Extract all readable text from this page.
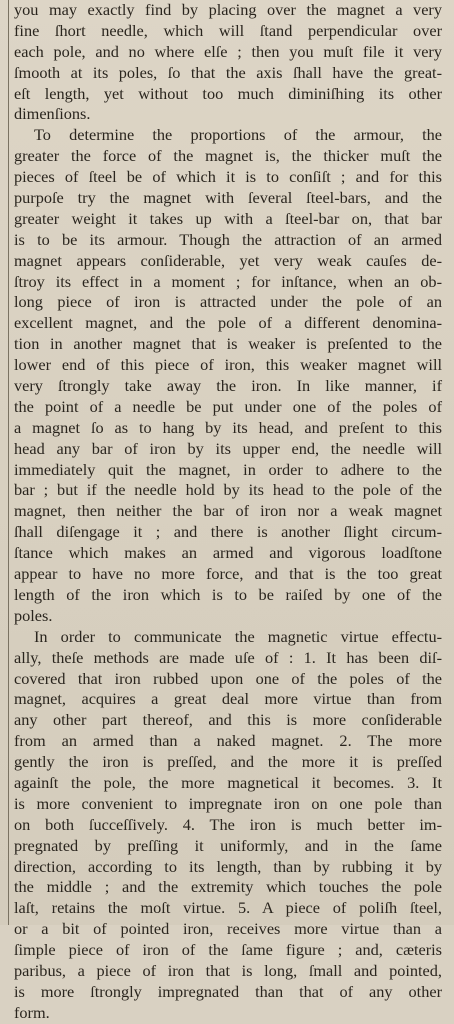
you may exactly find by placing over the magnet a very
fine ſhort needle, which will ſtand perpendicular over
each pole, and no where elſe ; then you muſt file it very
ſmooth at its poles, ſo that the axis ſhall have the great-
eſt length, yet without too much diminiſhing its other
dimenſions.
To determine the proportions of the armour, the
greater the force of the magnet is, the thicker muſt the
pieces of ſteel be of which it is to conſiſt ; and for this
purpoſe try the magnet with ſeveral ſteel-bars, and the
greater weight it takes up with a ſteel-bar on, that bar
is to be its armour. Though the attraction of an armed
magnet appears conſiderable, yet very weak cauſes de-
ſtroy its effect in a moment ; for inſtance, when an ob-
long piece of iron is attracted under the pole of an
excellent magnet, and the pole of a different denomina-
tion in another magnet that is weaker is preſented to the
lower end of this piece of iron, this weaker magnet will
very ſtrongly take away the iron. In like manner, if
the point of a needle be put under one of the poles of
a magnet ſo as to hang by its head, and preſent to this
head any bar of iron by its upper end, the needle will
immediately quit the magnet, in order to adhere to the
bar ; but if the needle hold by its head to the pole of the
magnet, then neither the bar of iron nor a weak magnet
ſhall diſengage it ; and there is another ſlight circum-
ſtance which makes an armed and vigorous loadſtone
appear to have no more force, and that is the too great
length of the iron which is to be raiſed by one of the
poles.
In order to communicate the magnetic virtue effectu-
ally, theſe methods are made uſe of : 1. It has been diſ-
covered that iron rubbed upon one of the poles of the
magnet, acquires a great deal more virtue than from
any other part thereof, and this is more conſiderable
from an armed than a naked magnet. 2. The more
gently the iron is preſſed, and the more it is preſſed
againſt the pole, the more magnetical it becomes. 3. It
is more convenient to impregnate iron on one pole than
on both ſucceſſively. 4. The iron is much better im-
pregnated by preſſing it uniformly, and in the ſame
direction, according to its length, than by rubbing it by
the middle ; and the extremity which touches the pole
laſt, retains the moſt virtue. 5. A piece of poliſh ſteel,
or a bit of pointed iron, receives more virtue than a
ſimple piece of iron of the ſame figure ; and, cæteris
paribus, a piece of iron that is long, ſmall and pointed,
is more ſtrongly impregnated than that of any other
form.
